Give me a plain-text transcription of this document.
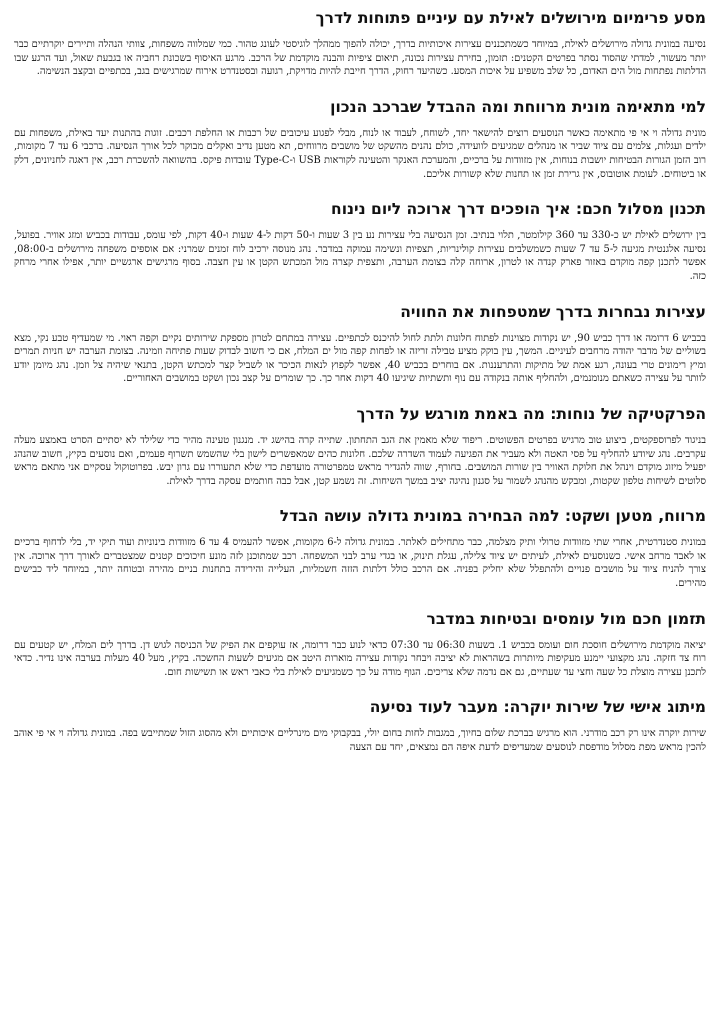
מסע פרימיום מירושלים לאילת עם עיניים פתוחות לדרך

נסיעה במונית גדולה מירושלים לאילת, במיוחד כשמתכננים עצירות איכותיות בדרך, יכולה להפוך ממהלך לוגיסטי לעונג טהור. כמי שמלווה משפחות, צוותי הנהלה ותיירים יוקרתיים כבר יותר מעשור, למדתי שהסוד נסתר בפרטים הקטנים: תזמון, בחירת עצירות נכונה, תיאום ציפיות והבנה מוקדמת של הרכב. מרגע האיסוף בשכונת רחביה או בגבעת שאול, ועד הרגע שבו הדלתות נפתחות מול הים האדום, כל שלב משפיע על איכות המסע. כשהיעד רחוק, הדרך חייבת להיות מדויקת, רגועה ובסטנדרט אירוח שמרגישים בגב, בכתפיים ובקצב הנשימה.

למי מתאימה מונית מרווחת ומה ההבדל שברכב הנכון

מונית גדולה וי אי פי מתאימה כאשר הנוסעים רוצים להישאר יחד, לשוחח, לעבוד או לנוח, מבלי לפגוע עיכובים של רכבות או החלפת רכבים. זוגות בהתנות יעד באילת, משפחות עם ילדים ועגלות, צלמים עם ציוד שביר או מנהלים שמגיעים לוועידה, כולם נהנים מהשקט של מושבים מרווחים, תא מטען נדיב ואקלים מבוקר לכל אורך הנסיעה. ברכבי 6 עד 7 מקומות, רוב הזמן הגורות הבטיחות יושבות בנוחות, אין מזוודות על ברכיים, והמערכת האנקר והטעינה לקוראות USB ו-Type-C עובדות פיקס. בהשוואה להשכרת רכב, אין דאגה לחניונים, דלק או ביטוחים. לעומת אוטובוס, אין גרירת זמן או תחנות שלא קשורות אליכם.

תכנון מסלול חכם: איך הופכים דרך ארוכה ליום נינוח

בין ירושלים לאילת יש כ-330 עד 360 קילומטר, תלוי בנתיב. זמן הנסיעה בלי עצירות נע בין 3 שעות ו-50 דקות ל-4 שעות ו-40 דקות, לפי עומס, עבודות בכביש ומזג אוויר. בפועל, נסיעה אלגנטית מגיעה ל-5 עד 7 שעות כשמשלבים עצירות קולינריות, תצפיות ונשימה עמוקה במדבר. נהג מנוסה ירכיב לוח זמנים שמרני: אם אוספים משפחה מירושלים ב-08:00, אפשר לתכנן קפה מוקדם באזור פארק קנדה או לטרון, ארוחה קלה בצומת הערבה, ותצפית קצרה מול המכתש הקטן או עין חצבה. בסוף מרגישים ארגשיים יותר, אפילו אחרי מרחק כזה.

עצירות נבחרות בדרך שמטפחות את החוויה

בכביש 6 דרומה או דרך כביש 90, יש נקודות מצוינות לפתוח חלונות ולתת לחול להיכנס לכתפיים. עצירה במתחם לטרון מספקת שירותים נקיים וקפה ראוי. מי שמעדיף טבע נקי, מצא בשוליים של מדבר יהודה מרחבים לעיניים. המשך, עין בוקק מציע טבילה זריזה או לפחות קפה מול ים המלח, אם כי חשוב לבדוק שעות פתיחה וזמינה. בצומת הערבה יש חניות תמרים ומיץ רימונים טרי בעונה, רגע אמת של מתיקות והתרעננות. אם בוחרים בכביש 40, אפשר לקפוץ לנאות הכיכר או לשביל קצר למכתש הקטן, בתנאי שיהיה צל וזמן. נהג מיומן יודע לוותר על עצירה כשאתם מנומנמים, ולהחליף אותה בנקודה עם נוף ותשתיות שיגיעו 40 דקות אחר כך. כך שומרים על קצב נכון ושקט במושבים האחוריים.

הפרקטיקה של נוחות: מה באמת מורגש על הדרך

בניגוד לפרוספקטים, ביצוע טוב מרגיש בפרטים הפשוטים. ריפוד שלא מאמין את הגב התחתון. שתייה קרה בהישג יד. מנגנון טעינה מהיר כדי שלילד לא יסתיים הסרט באמצע מעלה עקרבים. נהג שיודע להחליף על פסי האטה ולא מעביר את הפגיעה לעמוד השדרה שלכם. חלונות כהים שמאפשרים לישון בלי שהשמש תשרוף פעמים, ואם נוסעים בקיץ, חשוב שהנהג יפעיל מיזוג מוקדם וינהל את חלוקת האוויר בין שורות המושבים. בחורף, שווה להגדיר מראש טמפרטורה מועדפת כדי שלא תתעוררו עם גרון יבש. בפרוטוקול עסקיים אני מתאם מראש סלוטים לשיחות טלפון שקטות, ומבקש מהנהג לשמור על סגנון נהיגה יציב במשך השיחות. זה נשמע קטן, אבל כבה חותמים עסקה בדרך לאילת.

מרווח, מטען ושקט: למה הבחירה במונית גדולה עושה הבדל

במונית סטנדרטית, אחרי שתי מזוודות טרולי ותיק מצלמה, כבר מתחילים לאלתר. במונית גדולה ל-6 מקומות, אפשר להעמיס 4 עד 6 מזוודות בינוניות ועוד תיקי יד, בלי לדחוף ברכיים או לאבד מרחב אישי. כשנוסעים לאילת, לעיתים יש ציוד צלילה, עגלת תינוק, או בגדי ערב לבני המשפחה. רכב שמתוכנן לזה מונע חיכוכים קטנים שמצטברים לאורך דרך ארוכה. אין צורך להניח ציוד על מושבים פנויים ולהתפלל שלא יחליק בפניה. אם הרכב כולל דלתות הזזה חשמליות, העלייה והירידה בתחנות בניים מהירה ובטוחה יותר, במיוחד ליד כבישים מהירים.

תזמון חכם מול עומסים ובטיחות במדבר

יציאה מוקדמת מירושלים חוסכת חום ועומס בכביש 1. בשעות 06:30 עד 07:30 כדאי לנוע כבר דרומה, אז עוקפים את הפיק של הכניסה לגוש דן. בדרך לים המלח, יש קטעים עם רוח צד חזקה. נהג מקצועי יימנע מעקיפות מיותרות בשהראות לא יציבה ויבחר נקודות עצירה מוארות היטב אם מגיעים לשעות החשכה. בקיץ, מעל 40 מעלות בערבה אינו נדיר. כדאי לתכנן עצירה מוצלת כל שעה וחצי עד שעתיים, גם אם נדמה שלא צריכים. הגוף מודה על כך כשמגיעים לאילת בלי כאבי ראש או תשישות חום.

מיתוג אישי של שירות יוקרה: מעבר לעוד נסיעה

שירות יוקרה אינו רק רכב מודרני. הוא מרגיש בברכת שלום בחיוך, במגבות לחות בחום יולי, בבקבוקי מים מינרליים איכותיים ולא מהסוג הזול שמתייבש בפה. במונית גדולה וי אי פי אוהב להכין מראש מפת מסלול מודפסת לנוסעים שמעדיפים לדעת איפה הם נמצאים, יחד עם הצעה
